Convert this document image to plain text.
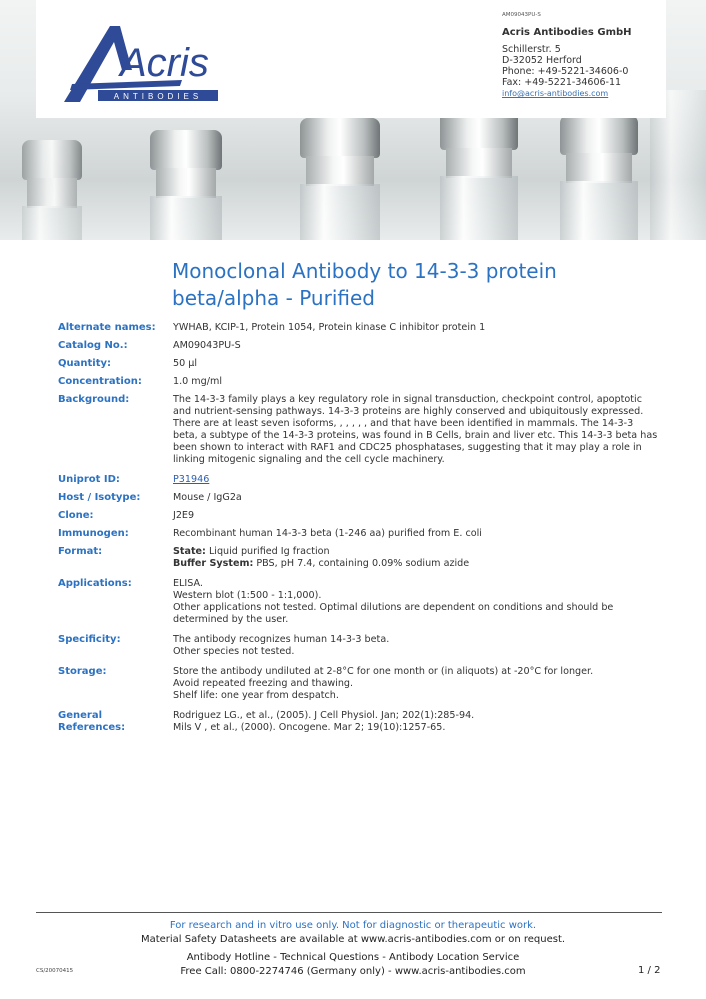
Acris
ANTIBODIES
AM09043PU-S
Acris Antibodies GmbH
Schillerstr. 5
D-32052 Herford
Phone: +49-5221-34606-0
Fax: +49-5221-34606-11
info@acris-antibodies.com
Monoclonal Antibody to 14-3-3 protein
beta/alpha - Purified
Alternate names:	YWHAB, KCIP-1, Protein 1054, Protein kinase C inhibitor protein 1
Catalog No.:	AM09043PU-S
Quantity:	50 µl
Concentration:	1.0 mg/ml
Background:	The 14-3-3 family plays a key regulatory role in signal transduction, checkpoint control, apoptotic and nutrient-sensing pathways. 14-3-3 proteins are highly conserved and ubiquitously expressed. There are at least seven isoforms, , , , , , and that have been identified in mammals. The 14-3-3 beta, a subtype of the 14-3-3 proteins, was found in B Cells, brain and liver etc. This 14-3-3 beta has been shown to interact with RAF1 and CDC25 phosphatases, suggesting that it may play a role in linking mitogenic signaling and the cell cycle machinery.
Uniprot ID:	P31946
Host / Isotype:	Mouse / IgG2a
Clone:	J2E9
Immunogen:	Recombinant human 14-3-3 beta (1-246 aa) purified from E. coli
Format:	State: Liquid purified Ig fraction
Buffer System: PBS, pH 7.4, containing 0.09% sodium azide
Applications:	ELISA.
Western blot (1:500 - 1:1,000).
Other applications not tested. Optimal dilutions are dependent on conditions and should be determined by the user.
Specificity:	The antibody recognizes human 14-3-3 beta.
Other species not tested.
Storage:	Store the antibody undiluted at 2-8°C for one month or (in aliquots) at -20°C for longer.
Avoid repeated freezing and thawing.
Shelf life: one year from despatch.
General
References:
Rodriguez LG., et al., (2005). J Cell Physiol. Jan; 202(1):285-94.
Mils V , et al., (2000). Oncogene. Mar 2; 19(10):1257-65.
For research and in vitro use only. Not for diagnostic or therapeutic work.
Material Safety Datasheets are available at www.acris-antibodies.com or on request.
Antibody Hotline - Technical Questions - Antibody Location Service
Free Call: 0800-2274746 (Germany only) - www.acris-antibodies.com
CS/20070415	1 / 2
